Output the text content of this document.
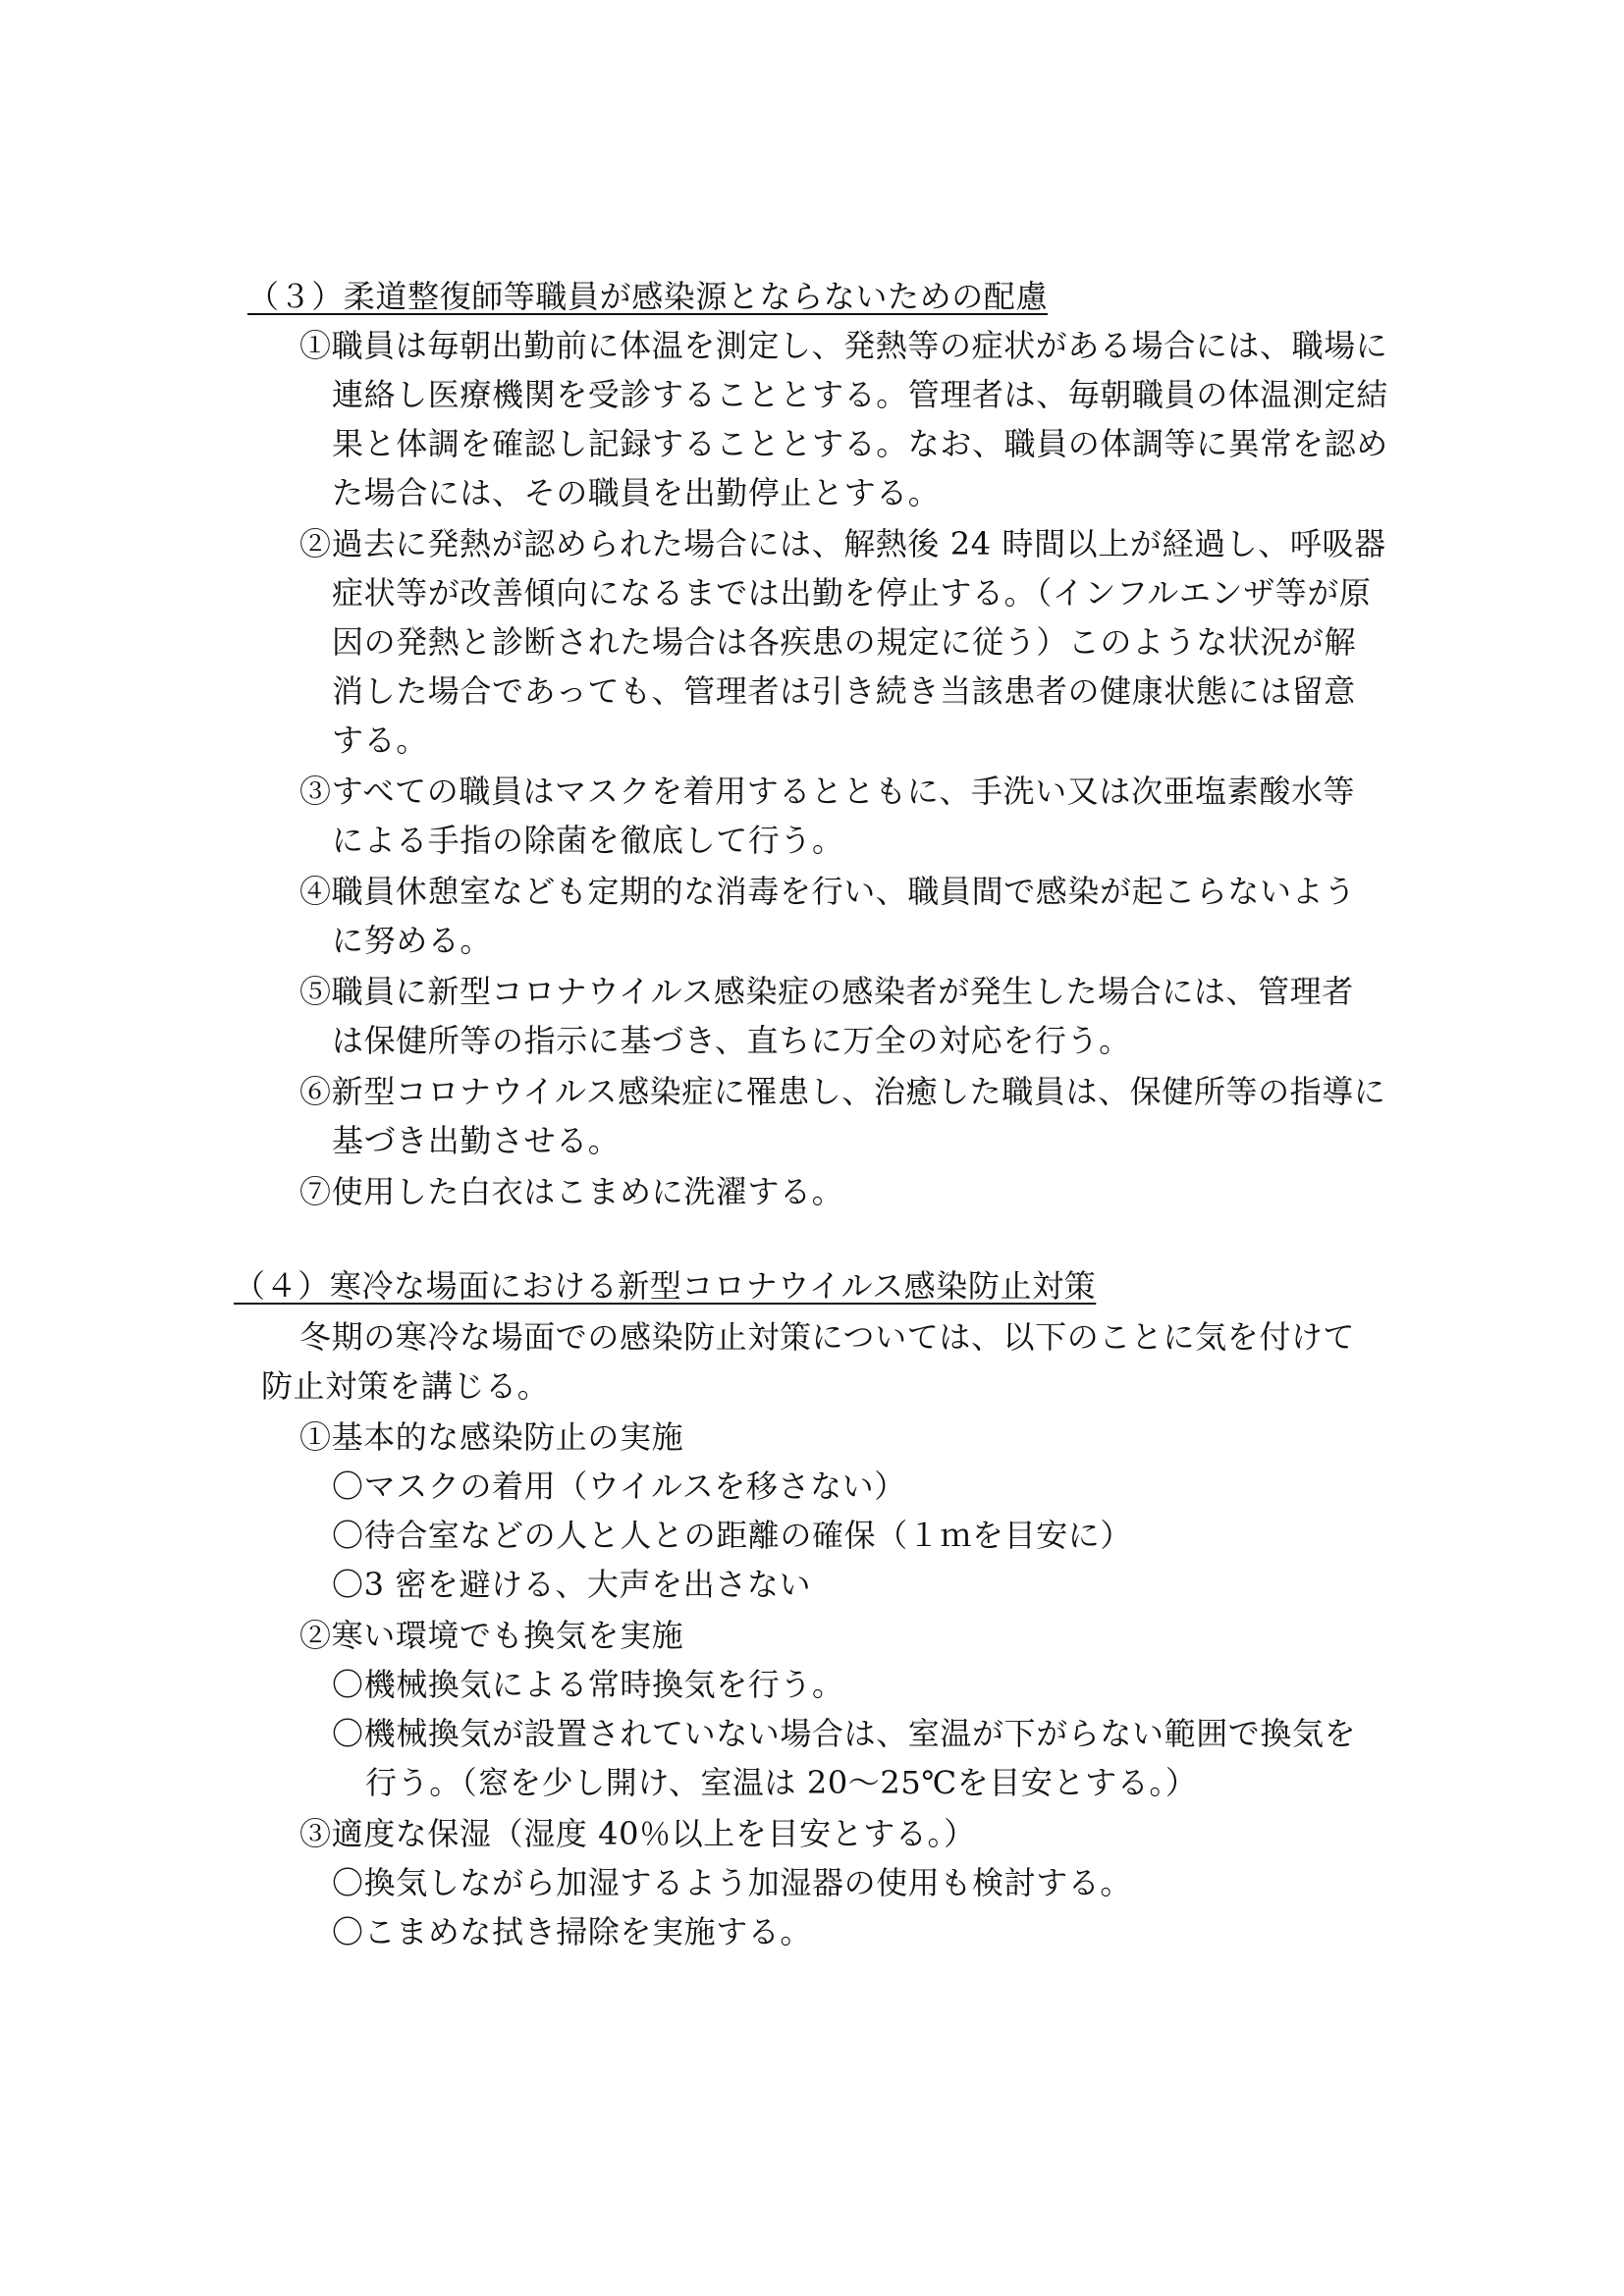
（３）柔道整復師等職員が感染源とならないための配慮

①職員は毎朝出勤前に体温を測定し、発熱等の症状がある場合には、職場に

連絡し医療機関を受診することとする。管理者は、毎朝職員の体温測定結

果と体調を確認し記録することとする。なお、職員の体調等に異常を認め

た場合には、その職員を出勤停止とする。

②過去に発熱が認められた場合には、解熱後 24 時間以上が経過し、呼吸器

症状等が改善傾向になるまでは出勤を停止する。（インフルエンザ等が原

因の発熱と診断された場合は各疾患の規定に従う）このような状況が解

消した場合であっても、管理者は引き続き当該患者の健康状態には留意

する。

③すべての職員はマスクを着用するとともに、手洗い又は次亜塩素酸水等

による手指の除菌を徹底して行う。

④職員休憩室なども定期的な消毒を行い、職員間で感染が起こらないよう

に努める。

⑤職員に新型コロナウイルス感染症の感染者が発生した場合には、管理者

は保健所等の指示に基づき、直ちに万全の対応を行う。

⑥新型コロナウイルス感染症に罹患し、治癒した職員は、保健所等の指導に

基づき出勤させる。

⑦使用した白衣はこまめに洗濯する。

（４）寒冷な場面における新型コロナウイルス感染防止対策

冬期の寒冷な場面での感染防止対策については、以下のことに気を付けて

防止対策を講じる。

①基本的な感染防止の実施

〇マスクの着用（ウイルスを移さない）

〇待合室などの人と人との距離の確保（１ｍを目安に）

〇3 密を避ける、大声を出さない

②寒い環境でも換気を実施

〇機械換気による常時換気を行う。

〇機械換気が設置されていない場合は、室温が下がらない範囲で換気を

行う。（窓を少し開け、室温は 20～25℃を目安とする。）

③適度な保湿（湿度 40％以上を目安とする。）

〇換気しながら加湿するよう加湿器の使用も検討する。

〇こまめな拭き掃除を実施する。
